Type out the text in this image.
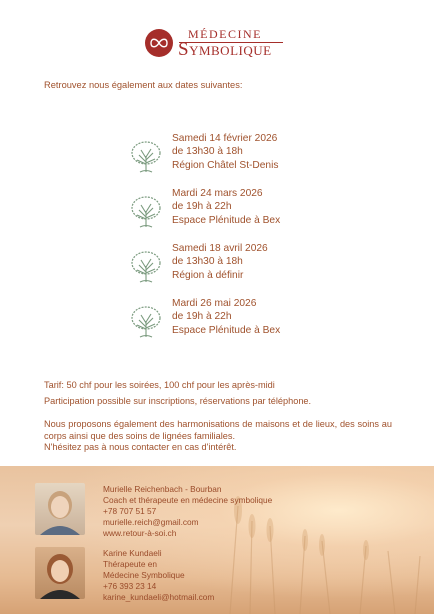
MÉDECINE
Symbolique
Retrouvez nous également aux dates suivantes:
Samedi 14 février 2026
de 13h30 à 18h
Région Châtel St-Denis
Mardi 24 mars 2026
de 19h à 22h
Espace Plénitude à Bex
Samedi 18 avril 2026
de 13h30 à 18h
Région à définir
Mardi 26 mai 2026
de 19h à 22h
Espace Plénitude à Bex
Tarif: 50 chf pour les soirées, 100 chf pour les après-midi
Participation possible sur inscriptions, réservations par téléphone.

Nous proposons également des harmonisations de maisons et de lieux, des soins au corps ainsi que des soins de lignées familiales.

N'hésitez pas à nous contacter en cas d'intérêt.

Murielle Reichenbach - Bourban
Coach et thérapeute en médecine symbolique
+78 707 51 57
murielle.reich@gmail.com
www.retour-à-soi.ch
Karine Kundaeli
Thérapeute en
Médecine Symbolique
+76 393 23 14
karine_kundaeli@hotmail.com
